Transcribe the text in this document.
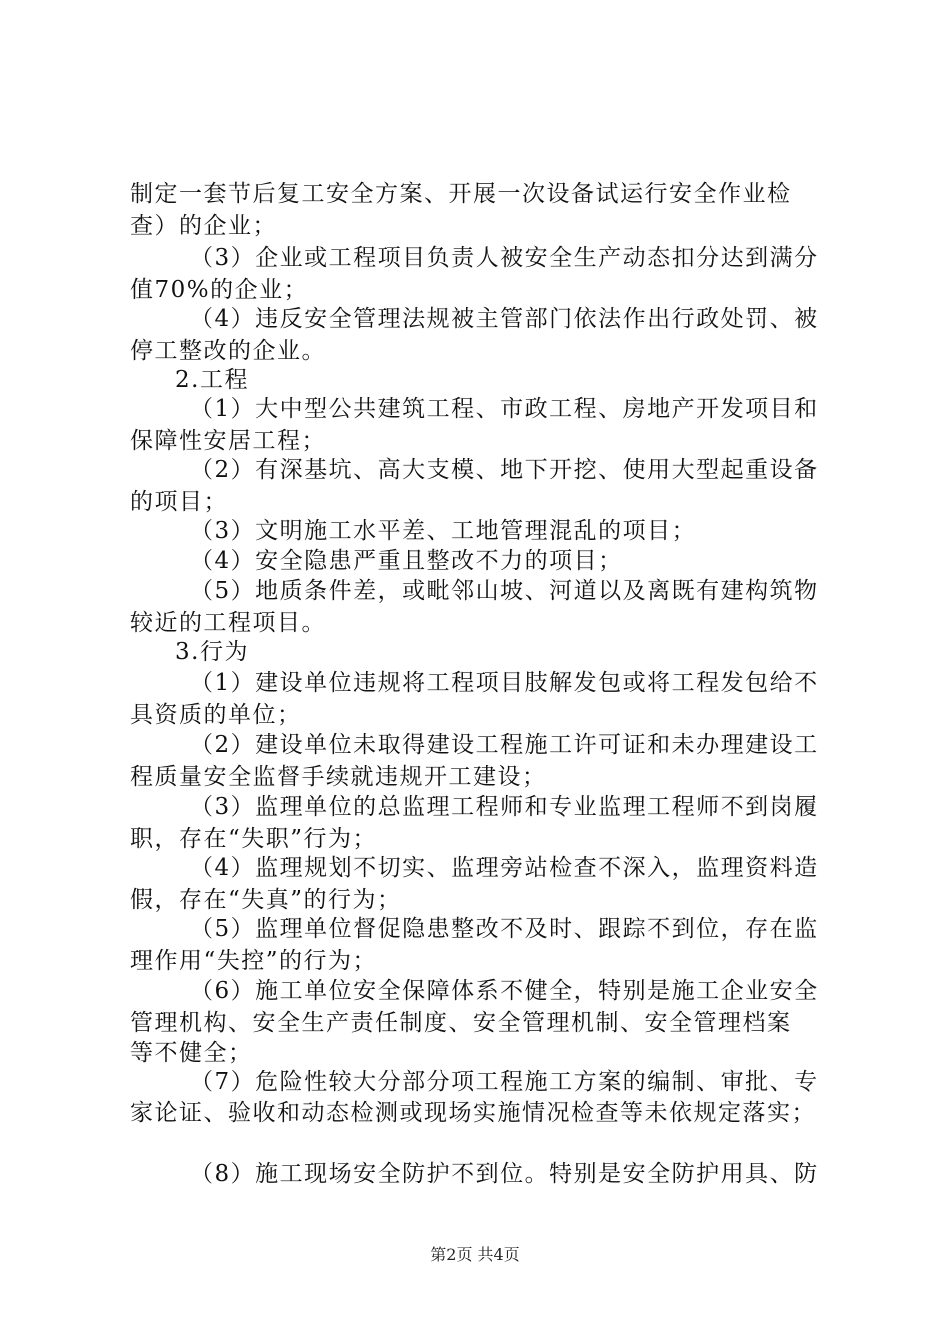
制定一套节后复工安全方案、开展一次设备试运行安全作业检
查）的企业；
（3）企业或工程项目负责人被安全生产动态扣分达到满分
值70%的企业；
（4）违反安全管理法规被主管部门依法作出行政处罚、被
停工整改的企业。
2.工程
（1）大中型公共建筑工程、市政工程、房地产开发项目和
保障性安居工程；
（2）有深基坑、高大支模、地下开挖、使用大型起重设备
的项目；
（3）文明施工水平差、工地管理混乱的项目；
（4）安全隐患严重且整改不力的项目；
（5）地质条件差，或毗邻山坡、河道以及离既有建构筑物
较近的工程项目。
3.行为
（1）建设单位违规将工程项目肢解发包或将工程发包给不
具资质的单位；
（2）建设单位未取得建设工程施工许可证和未办理建设工
程质量安全监督手续就违规开工建设；
（3）监理单位的总监理工程师和专业监理工程师不到岗履
职，存在“失职”行为；
（4）监理规划不切实、监理旁站检查不深入，监理资料造
假，存在“失真”的行为；
（5）监理单位督促隐患整改不及时、跟踪不到位，存在监
理作用“失控”的行为；
（6）施工单位安全保障体系不健全，特别是施工企业安全
管理机构、安全生产责任制度、安全管理机制、安全管理档案
等不健全；
（7）危险性较大分部分项工程施工方案的编制、审批、专
家论证、验收和动态检测或现场实施情况检查等未依规定落实；
（8）施工现场安全防护不到位。特别是安全防护用具、防
第2页 共4页
